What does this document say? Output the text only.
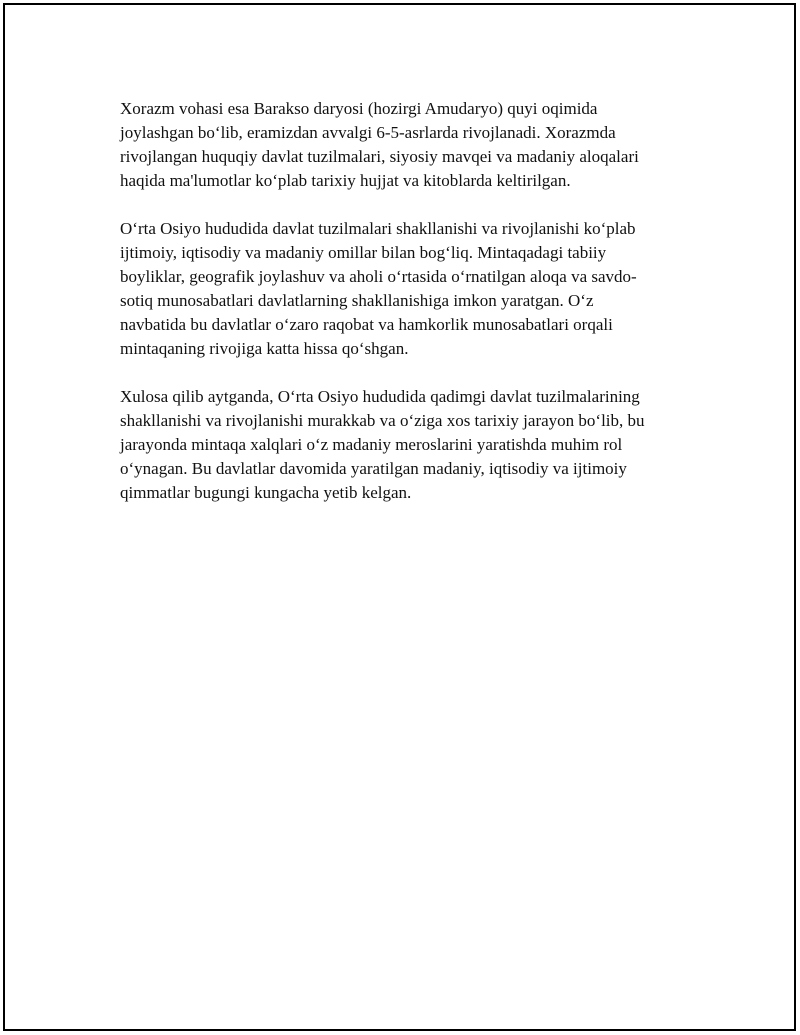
Xorazm vohasi esa Barakso daryosi (hozirgi Amudaryo) quyi oqimida
joylashgan bo‘lib, eramizdan avvalgi 6-5-asrlarda rivojlanadi. Xorazmda
rivojlangan huquqiy davlat tuzilmalari, siyosiy mavqei va madaniy aloqalari
haqida ma'lumotlar ko‘plab tarixiy hujjat va kitoblarda keltirilgan.

O‘rta Osiyo hududida davlat tuzilmalari shakllanishi va rivojlanishi ko‘plab
ijtimoiy, iqtisodiy va madaniy omillar bilan bog‘liq. Mintaqadagi tabiiy
boyliklar, geografik joylashuv va aholi o‘rtasida o‘rnatilgan aloqa va savdo-
sotiq munosabatlari davlatlarning shakllanishiga imkon yaratgan. O‘z
navbatida bu davlatlar o‘zaro raqobat va hamkorlik munosabatlari orqali
mintaqaning rivojiga katta hissa qo‘shgan.

Xulosa qilib aytganda, O‘rta Osiyo hududida qadimgi davlat tuzilmalarining
shakllanishi va rivojlanishi murakkab va o‘ziga xos tarixiy jarayon bo‘lib, bu
jarayonda mintaqa xalqlari o‘z madaniy meroslarini yaratishda muhim rol
o‘ynagan. Bu davlatlar davomida yaratilgan madaniy, iqtisodiy va ijtimoiy
qimmatlar bugungi kungacha yetib kelgan.
